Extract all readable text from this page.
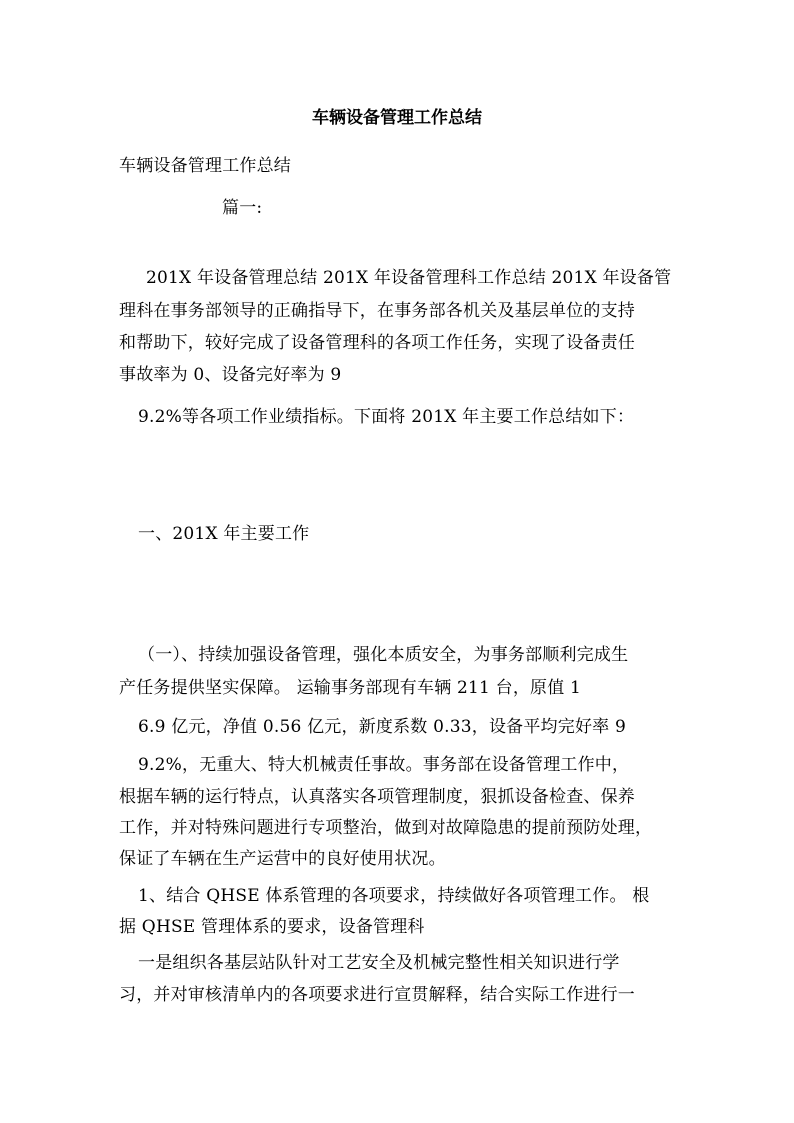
车辆设备管理工作总结
车辆设备管理工作总结
篇一:
201X 年设备管理总结 201X 年设备管理科工作总结 201X 年设备管
理科在事务部领导的正确指导下，在事务部各机关及基层单位的支持
和帮助下，较好完成了设备管理科的各项工作任务，实现了设备责任
事故率为 0、设备完好率为 9
9.2%等各项工作业绩指标。下面将 201X 年主要工作总结如下：
一、201X 年主要工作
（一）、持续加强设备管理，强化本质安全，为事务部顺利完成生
产任务提供坚实保障。 运输事务部现有车辆 211 台，原值 1
6.9 亿元，净值 0.56 亿元，新度系数 0.33，设备平均完好率 9
9.2%，无重大、特大机械责任事故。事务部在设备管理工作中，
根据车辆的运行特点，认真落实各项管理制度，狠抓设备检查、保养
工作，并对特殊问题进行专项整治，做到对故障隐患的提前预防处理，
保证了车辆在生产运营中的良好使用状况。
1、结合 QHSE 体系管理的各项要求，持续做好各项管理工作。 根
据 QHSE 管理体系的要求，设备管理科
一是组织各基层站队针对工艺安全及机械完整性相关知识进行学
习，并对审核清单内的各项要求进行宣贯解释，结合实际工作进行一
